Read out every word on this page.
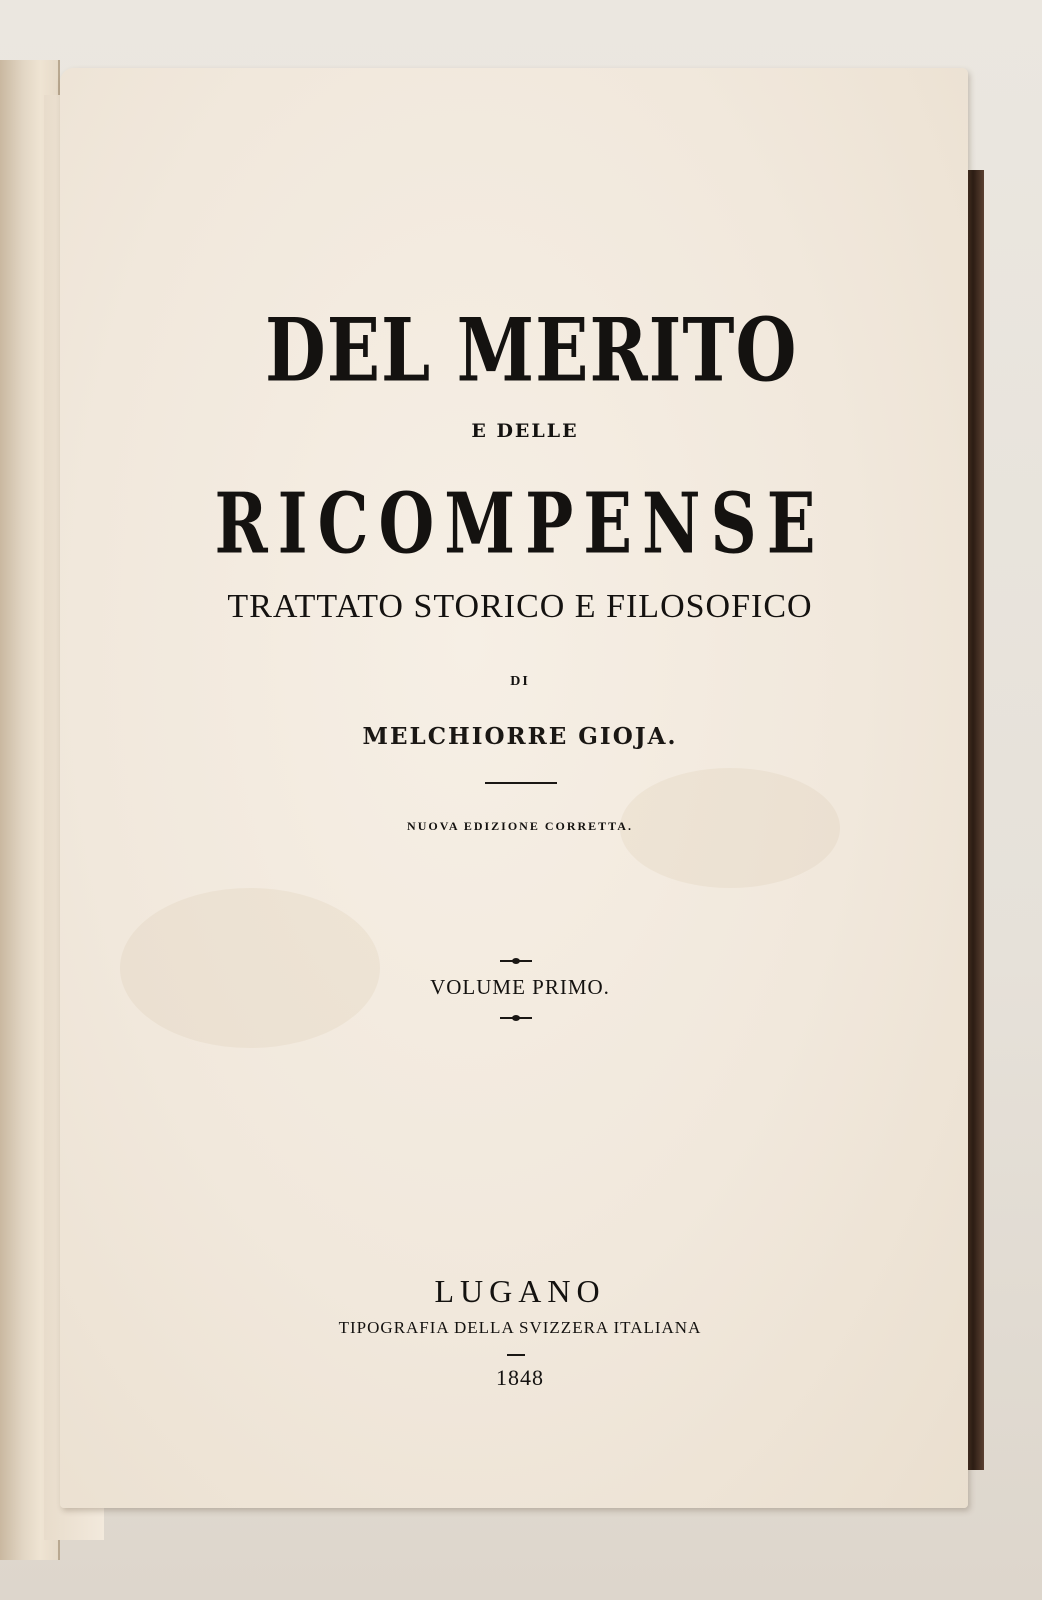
DEL MERITO
E DELLE
RICOMPENSE
TRATTATO STORICO E FILOSOFICO
DI
MELCHIORRE GIOJA.
NUOVA EDIZIONE CORRETTA.
VOLUME PRIMO.
LUGANO
TIPOGRAFIA DELLA SVIZZERA ITALIANA
1848
